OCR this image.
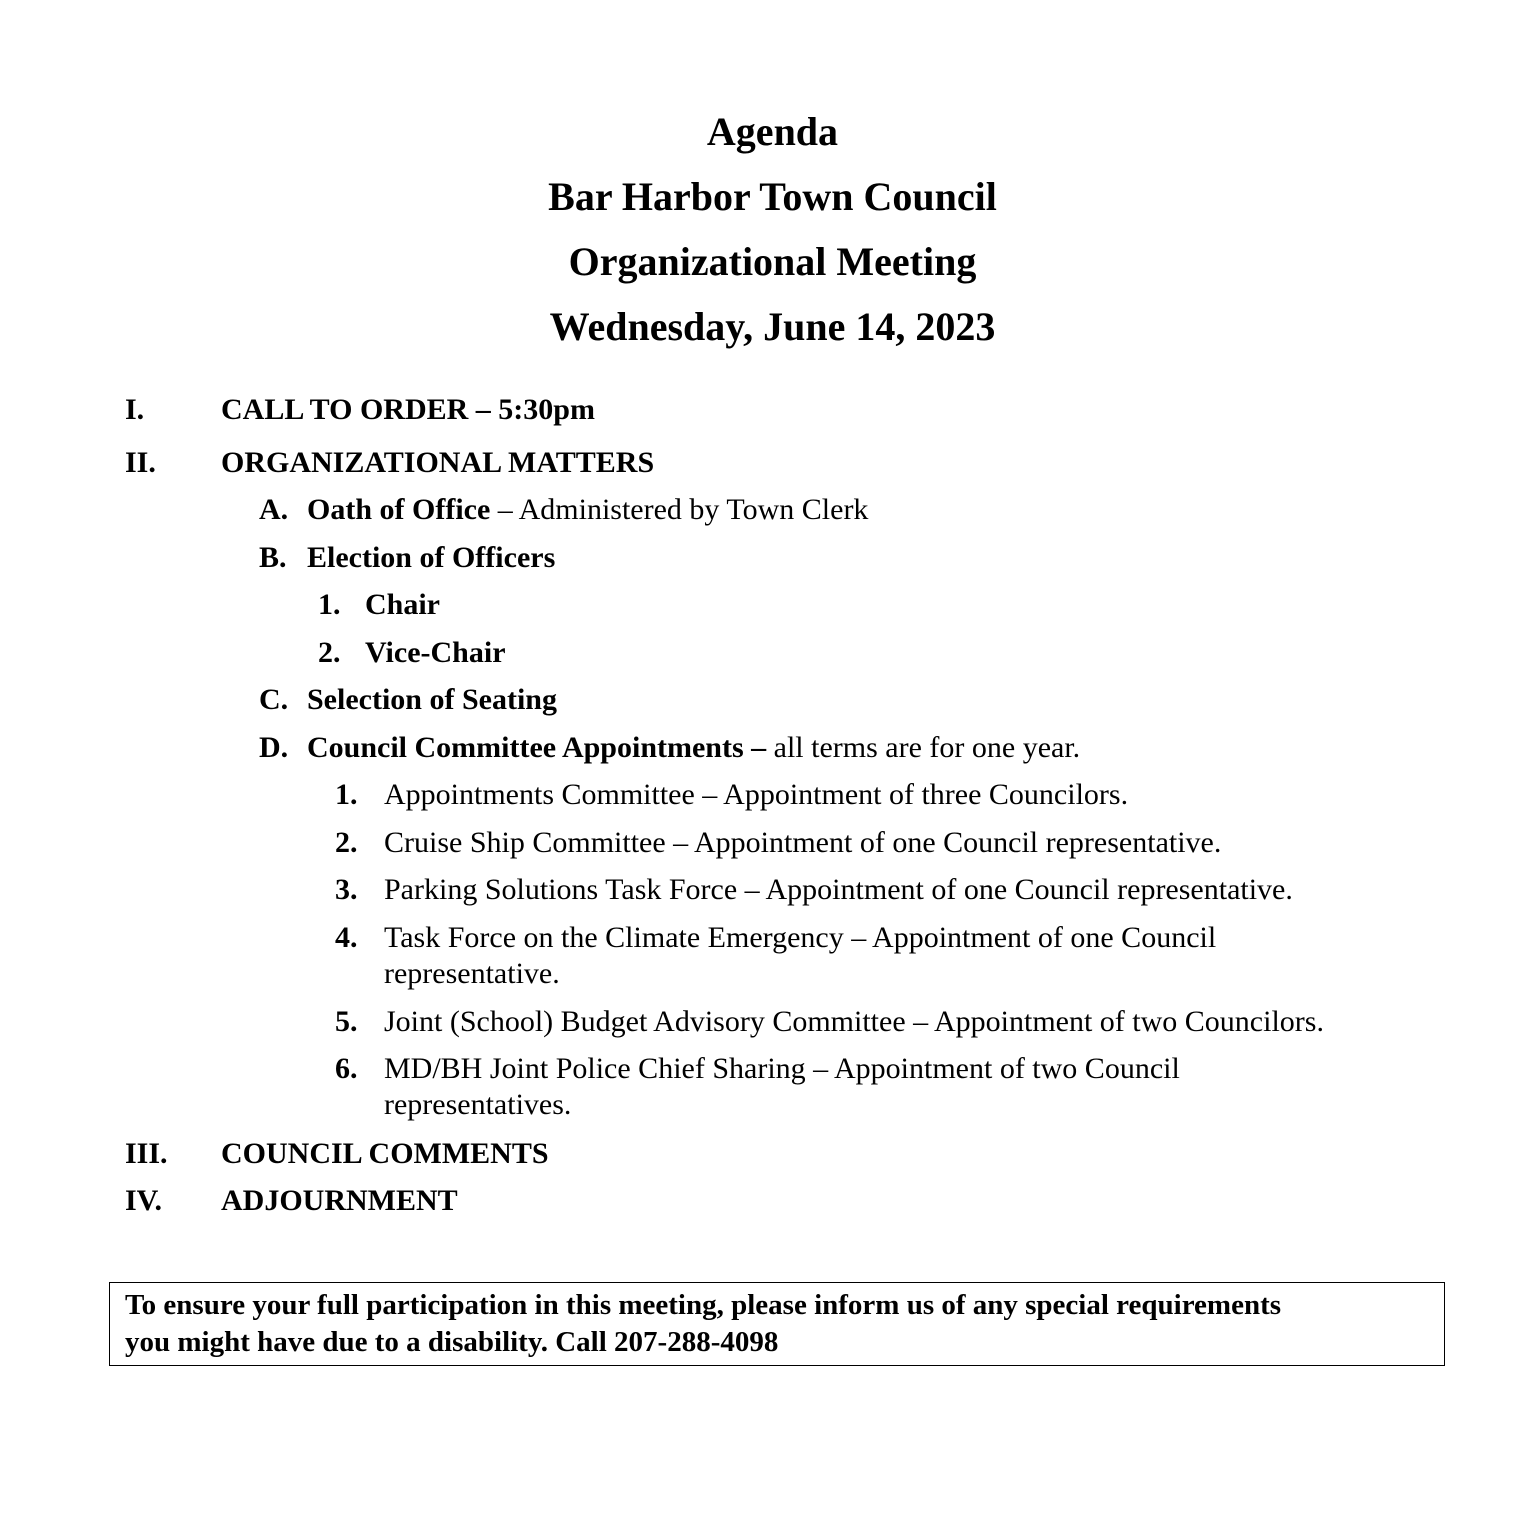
Agenda
Bar Harbor Town Council
Organizational Meeting
Wednesday, June 14, 2023
I.	CALL TO ORDER – 5:30pm
II. ORGANIZATIONAL MATTERS
A. Oath of Office – Administered by Town Clerk
B. Election of Officers
1. Chair
2. Vice-Chair
C. Selection of Seating
D. Council Committee Appointments – all terms are for one year.
1. Appointments Committee – Appointment of three Councilors.
2. Cruise Ship Committee – Appointment of one Council representative.
3. Parking Solutions Task Force – Appointment of one Council representative.
4. Task Force on the Climate Emergency – Appointment of one Council
representative.
5. Joint (School) Budget Advisory Committee – Appointment of two Councilors.
6. MD/BH Joint Police Chief Sharing – Appointment of two Council
representatives.
III. COUNCIL COMMENTS
IV. ADJOURNMENT
To ensure your full participation in this meeting, please inform us of any special requirements
you might have due to a disability. Call 207-288-4098
